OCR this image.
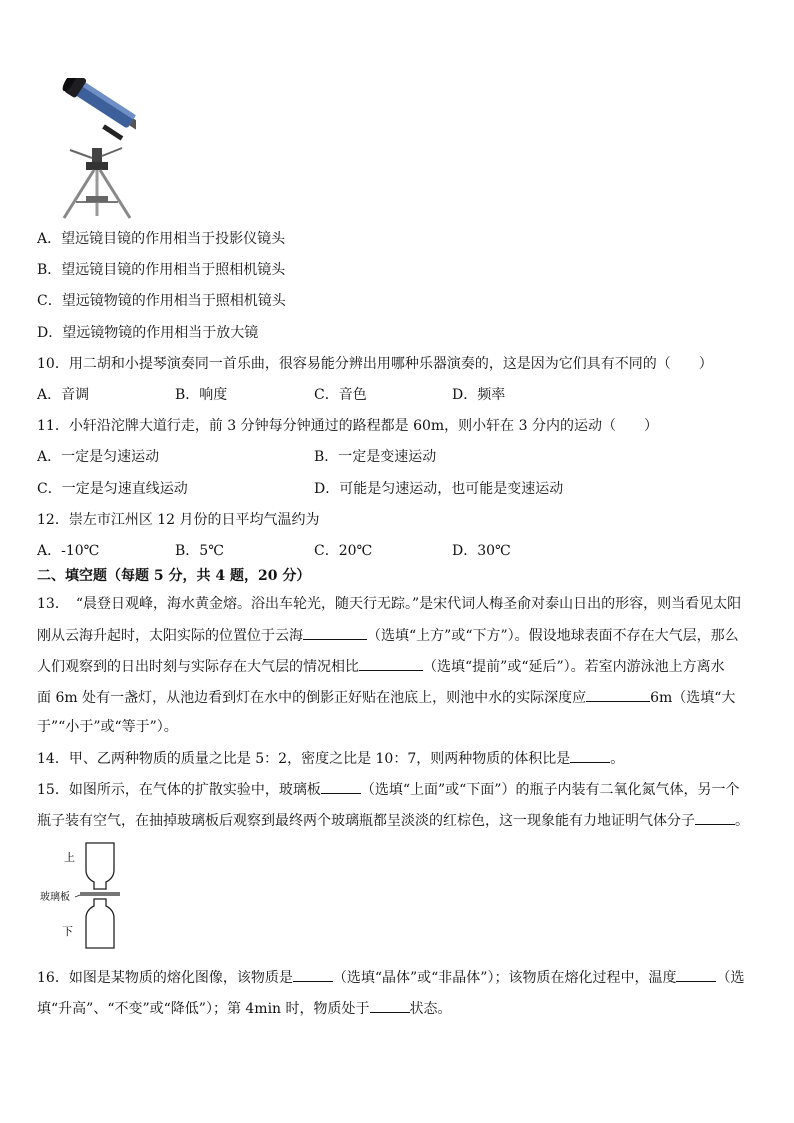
A．望远镜目镜的作用相当于投影仪镜头
B．望远镜目镜的作用相当于照相机镜头
C．望远镜物镜的作用相当于照相机镜头
D．望远镜物镜的作用相当于放大镜
10．用二胡和小提琴演奏同一首乐曲，很容易能分辨出用哪种乐器演奏的，这是因为它们具有不同的（　　）
A．音调	B．响度	C．音色	D．频率
11．小轩沿沱牌大道行走，前 3 分钟每分钟通过的路程都是 60m，则小轩在 3 分内的运动（　　）
A．一定是匀速运动	B．一定是变速运动
C．一定是匀速直线运动	D．可能是匀速运动，也可能是变速运动
12．崇左市江州区 12 月份的日平均气温约为
A．-10℃	B．5℃	C．20℃	D．30℃
二、填空题（每题 5 分，共 4 题，20 分）
13．　“晨登日观峰，海水黄金熔。浴出车轮光，随天行无踪。”是宋代词人梅圣俞对泰山日出的形容，则当看见太阳
刚从云海升起时，太阳实际的位置位于云海	（选填“上方”或“下方”）。假设地球表面不存在大气层，那么
人们观察到的日出时刻与实际存在大气层的情况相比	（选填“提前”或“延后”）。若室内游泳池上方离水
面 6m 处有一盏灯，从池边看到灯在水中的倒影正好贴在池底上，则池中水的实际深度应	6m（选填“大
于”“小于”或“等于”）。
14．甲、乙两种物质的质量之比是 5：2，密度之比是 10：7，则两种物质的体积比是	。
15．如图所示，在气体的扩散实验中，玻璃板	（选填“上面”或“下面”）的瓶子内装有二氧化氮气体，另一个
瓶子装有空气，在抽掉玻璃板后观察到最终两个玻璃瓶都呈淡淡的红棕色，这一现象能有力地证明气体分子	。
上
玻璃板
下
16．如图是某物质的熔化图像，该物质是	（选填“晶体”或“非晶体”）；该物质在熔化过程中，温度	（选
填“升高”、“不变”或“降低”）；第 4min 时，物质处于	状态。
